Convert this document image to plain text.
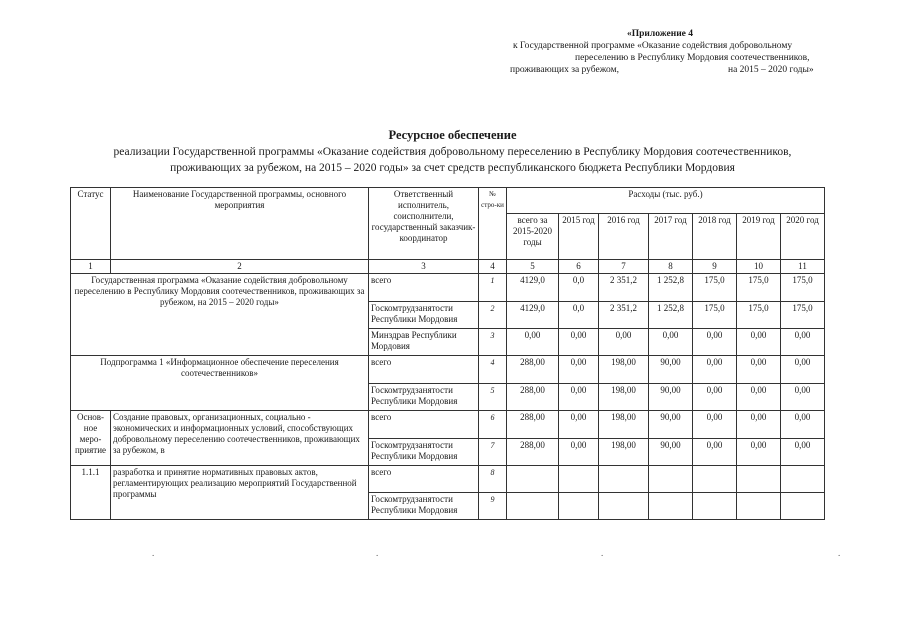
«Приложение 4
к Государственной программе «Оказание содействия добровольному
переселению в Республику Мордовия соотечественников,
проживающих за рубежом,	на 2015 – 2020 годы»
Ресурсное обеспечение
реализации Государственной программы «Оказание содействия добровольному переселению в Республику Мордовия соотечественников,
проживающих за рубежом, на 2015 – 2020 годы» за счет средств республиканского бюджета Республики Мордовия
Статус	Наименование Государственной программы, основного мероприятия	Ответственный исполнитель, соисполнители, государственный заказчик-координатор	№ стро-ки	Расходы (тыс. руб.)						
				всего за 2015-2020 годы	2015 год	2016 год	2017 год	2018 год	2019 год	2020 год
1	2	3	4	5	6	7	8	9	10	11
Государственная программа «Оказание содействия добровольному переселению в Республику Мордовия соотечественников, проживающих за рубежом, на 2015 – 2020 годы»		всего	1	4129,0	0,0	2 351,2	1 252,8	175,0	175,0	175,0
		Госкомтрудзанятости Республики Мордовия	2	4129,0	0,0	2 351,2	1 252,8	175,0	175,0	175,0
		Минздрав Республики Мордовия	3	0,00	0,00	0,00	0,00	0,00	0,00	0,00
Подпрограмма 1 «Информационное обеспечение переселения соотечественников»		всего	4	288,00	0,00	198,00	90,00	0,00	0,00	0,00
		Госкомтрудзанятости Республики Мордовия	5	288,00	0,00	198,00	90,00	0,00	0,00	0,00
Основ-ное меро-приятие	Создание правовых, организационных, социально - экономических и информационных условий, способствующих добровольному переселению соотечественников, проживающих за рубежом, в	всего	6	288,00	0,00	198,00	90,00	0,00	0,00	0,00
		Госкомтрудзанятости Республики Мордовия	7	288,00	0,00	198,00	90,00	0,00	0,00	0,00
1.1.1	разработка и принятие нормативных правовых актов, регламентирующих реализацию мероприятий Государственной программы	всего	8							
		Госкомтрудзанятости Республики Мордовия	9							
.	.	.	.
